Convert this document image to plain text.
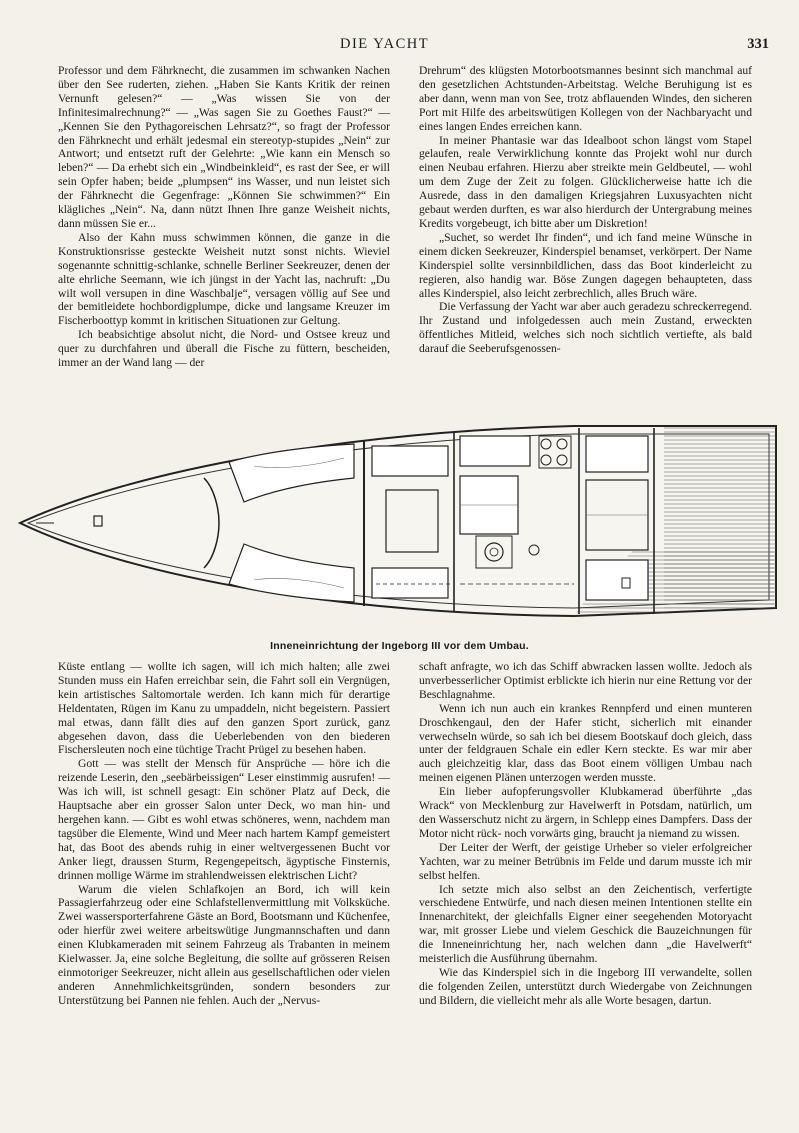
DIE YACHT	331

Professor und dem Fährknecht, die zusammen im schwanken Nachen über den See ruderten, ziehen. „Haben Sie Kants Kritik der reinen Vernunft gelesen?“ — „Was wissen Sie von der Infinitesimalrechnung?“ — „Was sagen Sie zu Goethes Faust?“ — „Kennen Sie den Pythagoreischen Lehrsatz?“, so fragt der Professor den Fährknecht und erhält jedesmal ein stereotyp-stupides „Nein“ zur Antwort; und entsetzt ruft der Gelehrte: „Wie kann ein Mensch so leben?“ — Da erhebt sich ein „Windbeinkleid“, es rast der See, er will sein Opfer haben; beide „plumpsen“ ins Wasser, und nun leistet sich der Fährknecht die Gegenfrage: „Können Sie schwimmen?“ Ein klägliches „Nein“. Na, dann nützt Ihnen Ihre ganze Weisheit nichts, dann müssen Sie er...

Also der Kahn muss schwimmen können, die ganze in die Konstruktionsrisse gesteckte Weisheit nutzt sonst nichts. Wieviel sogenannte schnittig-schlanke, schnelle Berliner Seekreuzer, denen der alte ehrliche Seemann, wie ich jüngst in der Yacht las, nachruft: „Du wilt woll versupen in dine Waschbalje“, versagen völlig auf See und der bemitleidete hochbordigplumpe, dicke und langsame Kreuzer im Fischerboottyp kommt in kritischen Situationen zur Geltung.

Ich beabsichtige absolut nicht, die Nord- und Ostsee kreuz und quer zu durchfahren und überall die Fische zu füttern, bescheiden, immer an der Wand lang — der

Drehrum“ des klügsten Motorbootsmannes besinnt sich manchmal auf den gesetzlichen Achtstunden-Arbeitstag. Welche Beruhigung ist es aber dann, wenn man von See, trotz abflauenden Windes, den sicheren Port mit Hilfe des arbeitswütigen Kollegen von der Nachbaryacht und eines langen Endes erreichen kann.

In meiner Phantasie war das Idealboot schon längst vom Stapel gelaufen, reale Verwirklichung konnte das Projekt wohl nur durch einen Neubau erfahren. Hierzu aber streikte mein Geldbeutel, — wohl um dem Zuge der Zeit zu folgen. Glücklicherweise hatte ich die Ausrede, dass in den damaligen Kriegsjahren Luxusyachten nicht gebaut werden durften, es war also hierdurch der Untergrabung meines Kredits vorgebeugt, ich bitte aber um Diskretion!

„Suchet, so werdet Ihr finden“, und ich fand meine Wünsche in einem dicken Seekreuzer, Kinderspiel benamset, verkörpert. Der Name Kinderspiel sollte versinnbildlichen, dass das Boot kinderleicht zu regieren, also handig war. Böse Zungen dagegen behaupteten, dass alles Kinderspiel, also leicht zerbrechlich, alles Bruch wäre.

Die Verfassung der Yacht war aber auch geradezu schreckerregend. Ihr Zustand und infolgedessen auch mein Zustand, erweckten öffentliches Mitleid, welches sich noch sichtlich vertiefte, als bald darauf die Seeberufsgenossen-

Inneneinrichtung der Ingeborg III vor dem Umbau.

Küste entlang — wollte ich sagen, will ich mich halten; alle zwei Stunden muss ein Hafen erreichbar sein, die Fahrt soll ein Vergnügen, kein artistisches Saltomortale werden. Ich kann mich für derartige Heldentaten, Rügen im Kanu zu umpaddeln, nicht begeistern. Passiert mal etwas, dann fällt dies auf den ganzen Sport zurück, ganz abgesehen davon, dass die Ueberlebenden von den biederen Fischersleuten noch eine tüchtige Tracht Prügel zu besehen haben.

Gott — was stellt der Mensch für Ansprüche — höre ich die reizende Leserin, den „seebärbeissigen“ Leser einstimmig ausrufen! — Was ich will, ist schnell gesagt: Ein schöner Platz auf Deck, die Hauptsache aber ein grosser Salon unter Deck, wo man hin- und hergehen kann. — Gibt es wohl etwas schöneres, wenn, nachdem man tagsüber die Elemente, Wind und Meer nach hartem Kampf gemeistert hat, das Boot des abends ruhig in einer weltvergessenen Bucht vor Anker liegt, draussen Sturm, Regengepeitsch, ägyptische Finsternis, drinnen mollige Wärme im strahlendweissen elektrischen Licht?

Warum die vielen Schlafkojen an Bord, ich will kein Passagierfahrzeug oder eine Schlafstellenvermittlung mit Volksküche. Zwei wassersporterfahrene Gäste an Bord, Bootsmann und Küchenfee, oder hierfür zwei weitere arbeitswütige Jungmannschaften und dann einen Klubkameraden mit seinem Fahrzeug als Trabanten in meinem Kielwasser. Ja, eine solche Begleitung, die sollte auf grösseren Reisen einmotoriger Seekreuzer, nicht allein aus gesellschaftlichen oder vielen anderen Annehmlichkeitsgründen, sondern besonders zur Unterstützung bei Pannen nie fehlen. Auch der „Nervus-

schaft anfragte, wo ich das Schiff abwracken lassen wollte. Jedoch als unverbesserlicher Optimist erblickte ich hierin nur eine Rettung vor der Beschlagnahme.

Wenn ich nun auch ein krankes Rennpferd und einen munteren Droschkengaul, den der Hafer sticht, sicherlich mit einander verwechseln würde, so sah ich bei diesem Bootskauf doch gleich, dass unter der feldgrauen Schale ein edler Kern steckte. Es war mir aber auch gleichzeitig klar, dass das Boot einem völligen Umbau nach meinen eigenen Plänen unterzogen werden musste.

Ein lieber aufopferungsvoller Klubkamerad überführte „das Wrack“ von Mecklenburg zur Havelwerft in Potsdam, natürlich, um den Wasserschutz nicht zu ärgern, in Schlepp eines Dampfers. Dass der Motor nicht rück- noch vorwärts ging, braucht ja niemand zu wissen.

Der Leiter der Werft, der geistige Urheber so vieler erfolgreicher Yachten, war zu meiner Betrübnis im Felde und darum musste ich mir selbst helfen.

Ich setzte mich also selbst an den Zeichentisch, verfertigte verschiedene Entwürfe, und nach diesen meinen Intentionen stellte ein Innenarchitekt, der gleichfalls Eigner einer seegehenden Motoryacht war, mit grosser Liebe und vielem Geschick die Bauzeichnungen für die Inneneinrichtung her, nach welchen dann „die Havelwerft“ meisterlich die Ausführung übernahm.

Wie das Kinderspiel sich in die Ingeborg III verwandelte, sollen die folgenden Zeilen, unterstützt durch Wiedergabe von Zeichnungen und Bildern, die vielleicht mehr als alle Worte besagen, dartun.
